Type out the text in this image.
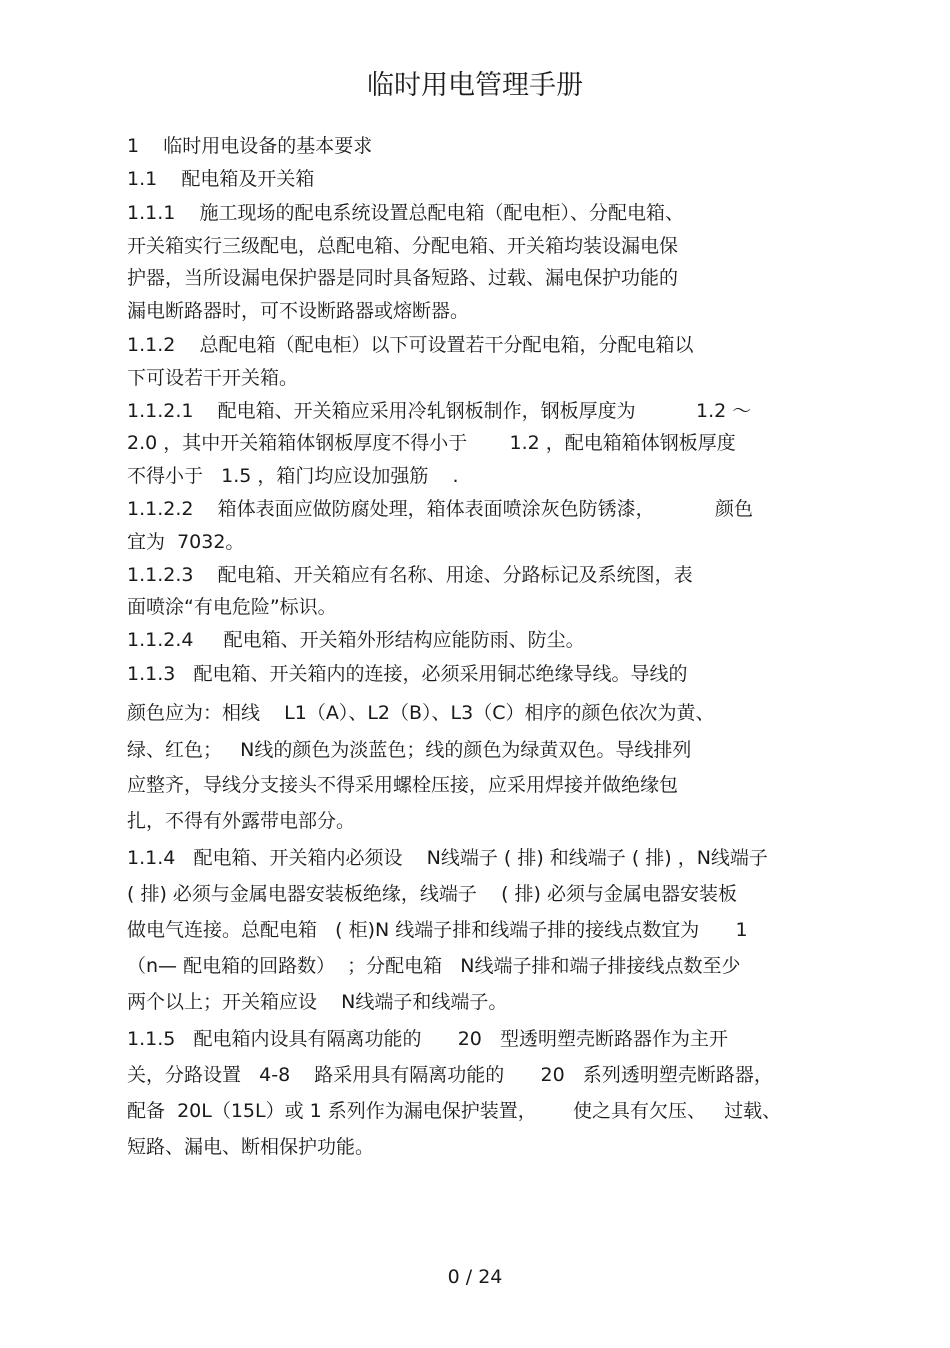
临时用电管理手册
1    临时用电设备的基本要求
1.1    配电箱及开关箱
1.1.1    施工现场的配电系统设置总配电箱（配电柜）、分配电箱、
开关箱实行三级配电，总配电箱、分配电箱、开关箱均装设漏电保
护器，当所设漏电保护器是同时具备短路、过载、漏电保护功能的
漏电断路器时，可不设断路器或熔断器。
1.1.2    总配电箱（配电柜）以下可设置若干分配电箱，分配电箱以
下可设若干开关箱。
1.1.2.1    配电箱、开关箱应采用冷轧钢板制作，钢板厚度为          1.2 ～
2.0 ，其中开关箱箱体钢板厚度不得小于       1.2 ，配电箱箱体钢板厚度
不得小于   1.5 ，箱门均应设加强筋    .
1.1.2.2    箱体表面应做防腐处理，箱体表面喷涂灰色防锈漆，          颜色
宜为  7032。
1.1.2.3    配电箱、开关箱应有名称、用途、分路标记及系统图，表
面喷涂“有电危险”标识。
1.1.2.4     配电箱、开关箱外形结构应能防雨、防尘。
1.1.3   配电箱、开关箱内的连接，必须采用铜芯绝缘导线。导线的
颜色应为：相线    L1（A）、L2（B）、L3（C）相序的颜色依次为黄、
绿、红色；   N线的颜色为淡蓝色；线的颜色为绿黄双色。导线排列
应整齐，导线分支接头不得采用螺栓压接，应采用焊接并做绝缘包
扎，不得有外露带电部分。
1.1.4   配电箱、开关箱内必须设    N线端子 ( 排) 和线端子 ( 排) ，N线端子
( 排) 必须与金属电器安装板绝缘，线端子    ( 排) 必须与金属电器安装板
做电气连接。总配电箱   ( 柜)N 线端子排和线端子排的接线点数宜为      1
（n— 配电箱的回路数）  ；分配电箱   N线端子排和端子排接线点数至少
两个以上；开关箱应设    N线端子和线端子。
1.1.5   配电箱内设具有隔离功能的      20   型透明塑壳断路器作为主开
关，分路设置   4-8    路采用具有隔离功能的      20   系列透明塑壳断路器，
配备  20L（15L）或 1 系列作为漏电保护装置，      使之具有欠压、   过载、
短路、漏电、断相保护功能。
0 / 24
